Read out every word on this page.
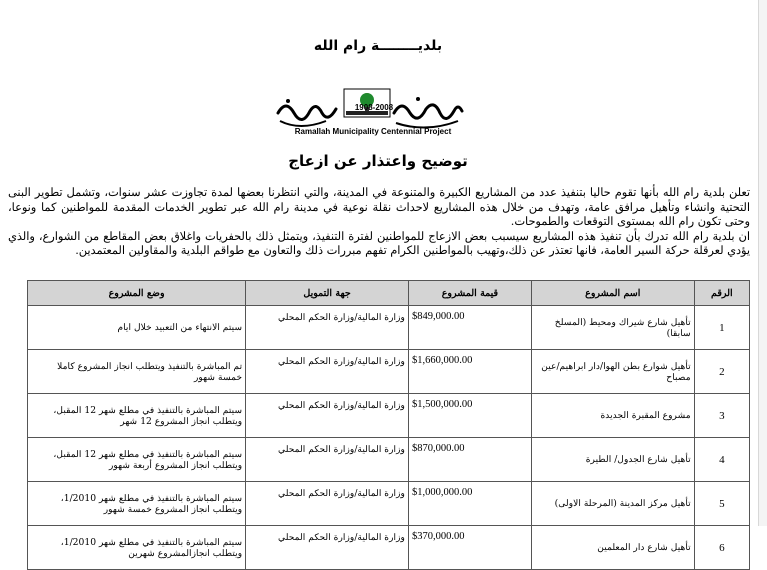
بلديــــــــة رام الله
1908-2008
Ramallah Municipality Centennial Project
توضيح واعتذار عن ازعاج

تعلن بلدية رام الله بأنها تقوم حاليا بتنفيذ عدد من المشاريع الكبيرة والمتنوعة في المدينة، والتي انتظرنا بعضها لمدة تجاوزت عشر سنوات، وتشمل تطوير البنى التحتية وانشاء وتأهيل مرافق عامة، وتهدف من خلال هذه المشاريع لاحداث نقلة نوعية في مدينة رام الله عبر تطوير الخدمات المقدمة للمواطنين كما ونوعا، وحتى تكون رام الله بمستوى التوقعات والطموحات.

ان بلدية رام الله تدرك بأن تنفيذ هذه المشاريع سيسبب بعض الازعاج للمواطنين لفترة التنفيذ، ويتمثل ذلك بالحفريات واغلاق بعض المقاطع من الشوارع، والذي يؤدي لعرقلة حركة السير العامة، فانها تعتذر عن ذلك،وتهيب بالمواطنين الكرام تفهم مبررات ذلك والتعاون مع طواقم البلدية والمقاولين المعتمدين.

الرقم	اسم المشروع	قيمة المشروع	جهة التمويل	وضع المشروع
1	تأهيل شارع شيراك ومحيط (المسلخ سابقا)	$849,000.00	وزارة المالية/وزارة الحكم المحلي	سيتم الانتهاء من التعبيد خلال ايام
2	تأهيل شوارع بطن الهوا/دار ابراهيم/عين مصباح	$1,660,000.00	وزارة المالية/وزارة الحكم المحلي	تم المباشرة بالتنفيذ ويتطلب انجاز المشروع كاملا خمسة شهور
3	مشروع المقبرة الجديدة	$1,500,000.00	وزارة المالية/وزارة الحكم المحلي	سيتم المباشرة بالتنفيذ في مطلع شهر 12 المقبل، ويتطلب انجاز المشروع 12 شهر
4	تأهيل شارع الجدول/ الطيرة	$870,000.00	وزارة المالية/وزارة الحكم المحلي	سيتم المباشرة بالتنفيذ في مطلع شهر 12 المقبل، ويتطلب انجاز المشروع أربعة شهور
5	تأهيل مركز المدينة (المرحلة الاولى)	$1,000,000.00	وزارة المالية/وزارة الحكم المحلي	سيتم المباشرة بالتنفيذ في مطلع شهر 1/2010، ويتطلب انجاز المشروع خمسة شهور
6	تأهيل شارع دار المعلمين	$370,000.00	وزارة المالية/وزارة الحكم المحلي	سيتم المباشرة بالتنفيذ في مطلع شهر 1/2010، ويتطلب انجازالمشروع شهرين
